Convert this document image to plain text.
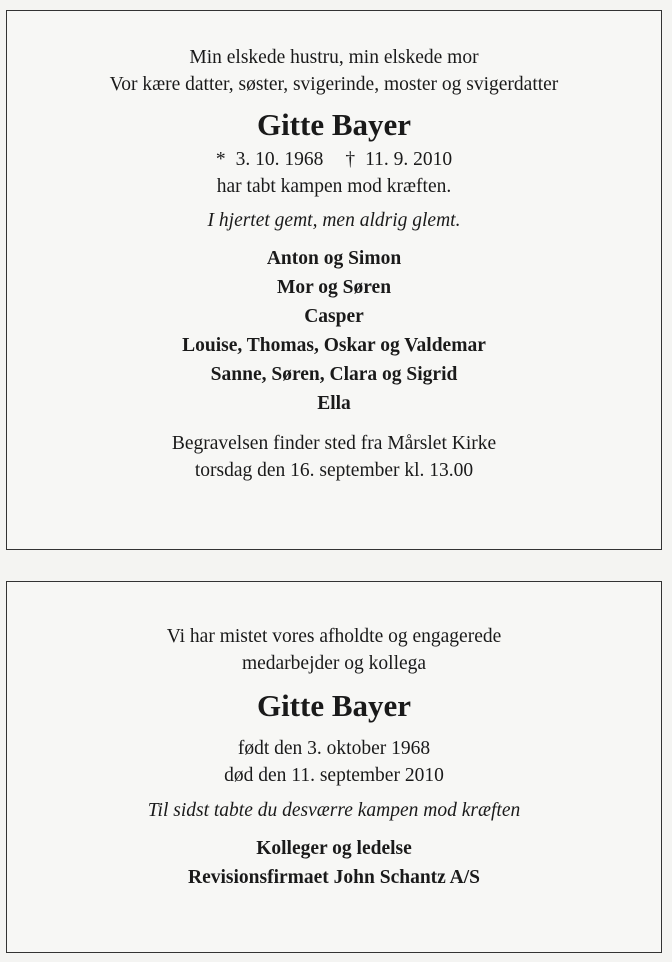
Min elskede hustru, min elskede mor
Vor kære datter, søster, svigerinde, moster og svigerdatter
Gitte Bayer
* 3. 10. 1968 † 11. 9. 2010
har tabt kampen mod kræften.
I hjertet gemt, men aldrig glemt.
Anton og Simon
Mor og Søren
Casper
Louise, Thomas, Oskar og Valdemar
Sanne, Søren, Clara og Sigrid
Ella
Begravelsen finder sted fra Mårslet Kirke
torsdag den 16. september kl. 13.00
Vi har mistet vores afholdte og engagerede
medarbejder og kollega
Gitte Bayer
født den 3. oktober 1968
død den 11. september 2010
Til sidst tabte du desværre kampen mod kræften
Kolleger og ledelse
Revisionsfirmaet John Schantz A/S
